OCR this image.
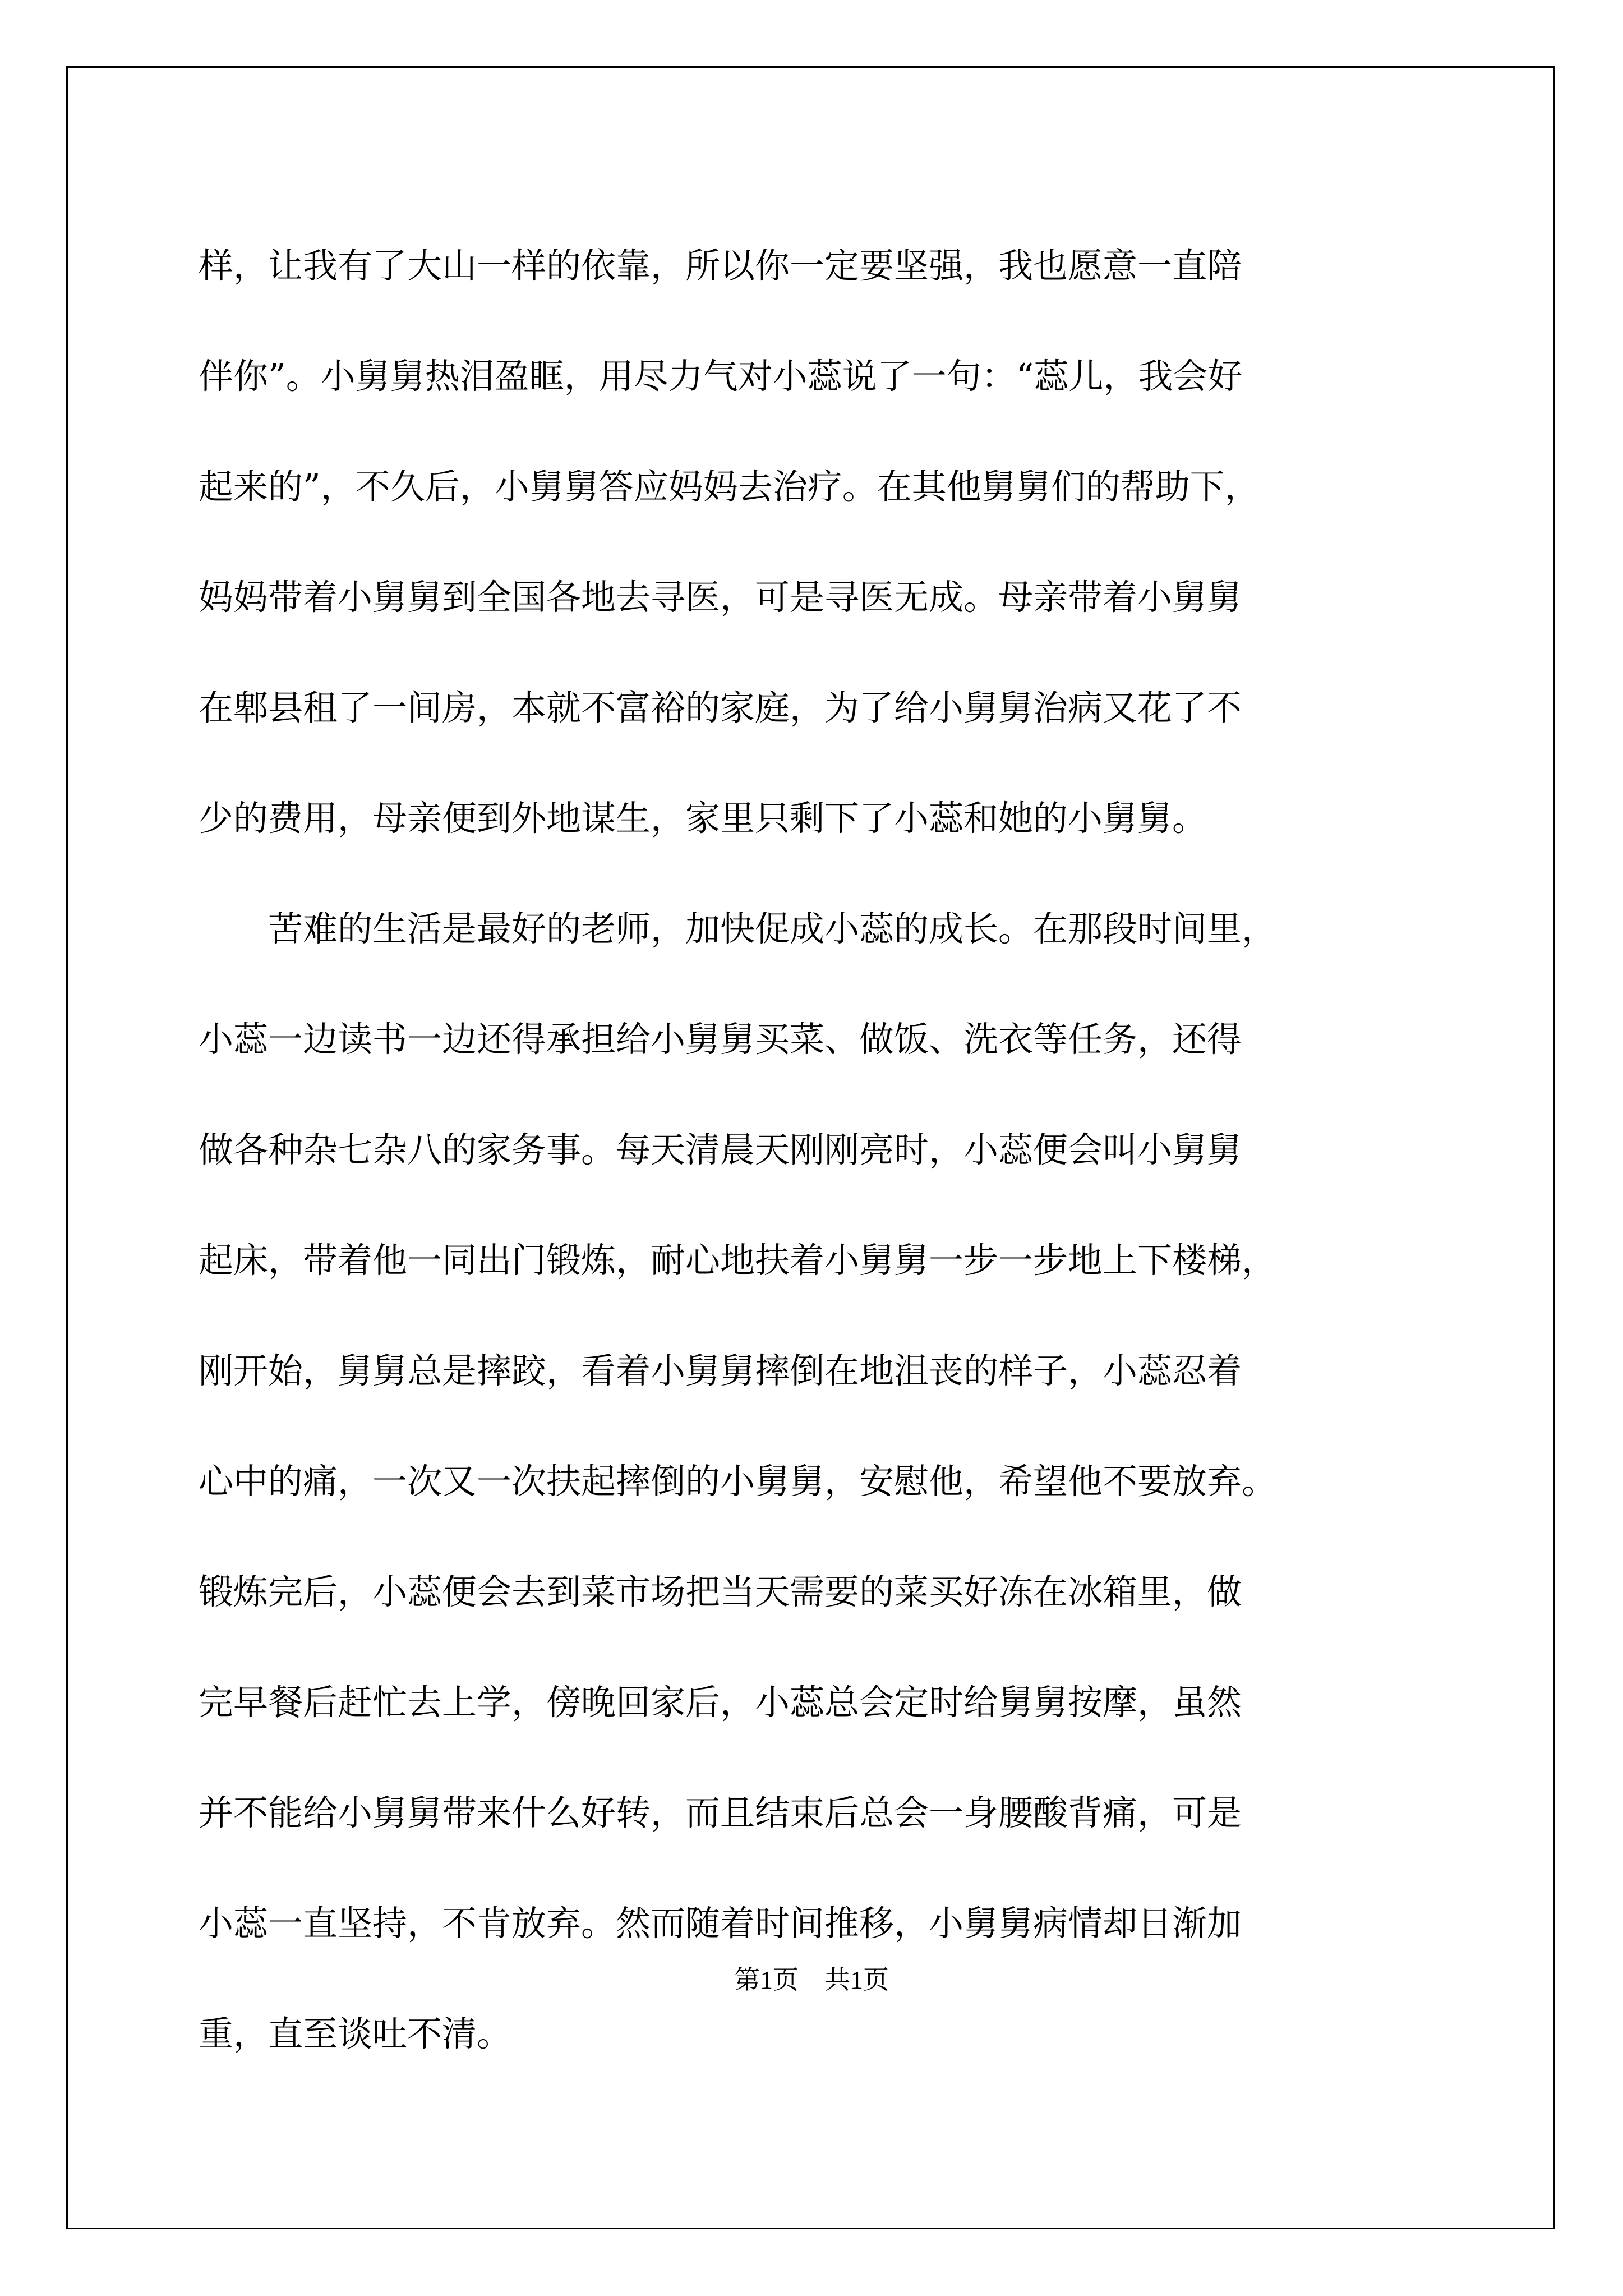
样，让我有了大山一样的依靠，所以你一定要坚强，我也愿意一直陪
伴你”。小舅舅热泪盈眶，用尽力气对小蕊说了一句：“蕊儿，我会好
起来的”，不久后，小舅舅答应妈妈去治疗。在其他舅舅们的帮助下，
妈妈带着小舅舅到全国各地去寻医，可是寻医无成。母亲带着小舅舅
在郫县租了一间房，本就不富裕的家庭，为了给小舅舅治病又花了不
少的费用，母亲便到外地谋生，家里只剩下了小蕊和她的小舅舅。
苦难的生活是最好的老师，加快促成小蕊的成长。在那段时间里，
小蕊一边读书一边还得承担给小舅舅买菜、做饭、洗衣等任务，还得
做各种杂七杂八的家务事。每天清晨天刚刚亮时，小蕊便会叫小舅舅
起床，带着他一同出门锻炼，耐心地扶着小舅舅一步一步地上下楼梯，
刚开始，舅舅总是摔跤，看着小舅舅摔倒在地沮丧的样子，小蕊忍着
心中的痛，一次又一次扶起摔倒的小舅舅，安慰他，希望他不要放弃。
锻炼完后，小蕊便会去到菜市场把当天需要的菜买好冻在冰箱里，做
完早餐后赶忙去上学，傍晚回家后，小蕊总会定时给舅舅按摩，虽然
并不能给小舅舅带来什么好转，而且结束后总会一身腰酸背痛，可是
小蕊一直坚持，不肯放弃。然而随着时间推移，小舅舅病情却日渐加
重，直至谈吐不清。
第1页 共1页
